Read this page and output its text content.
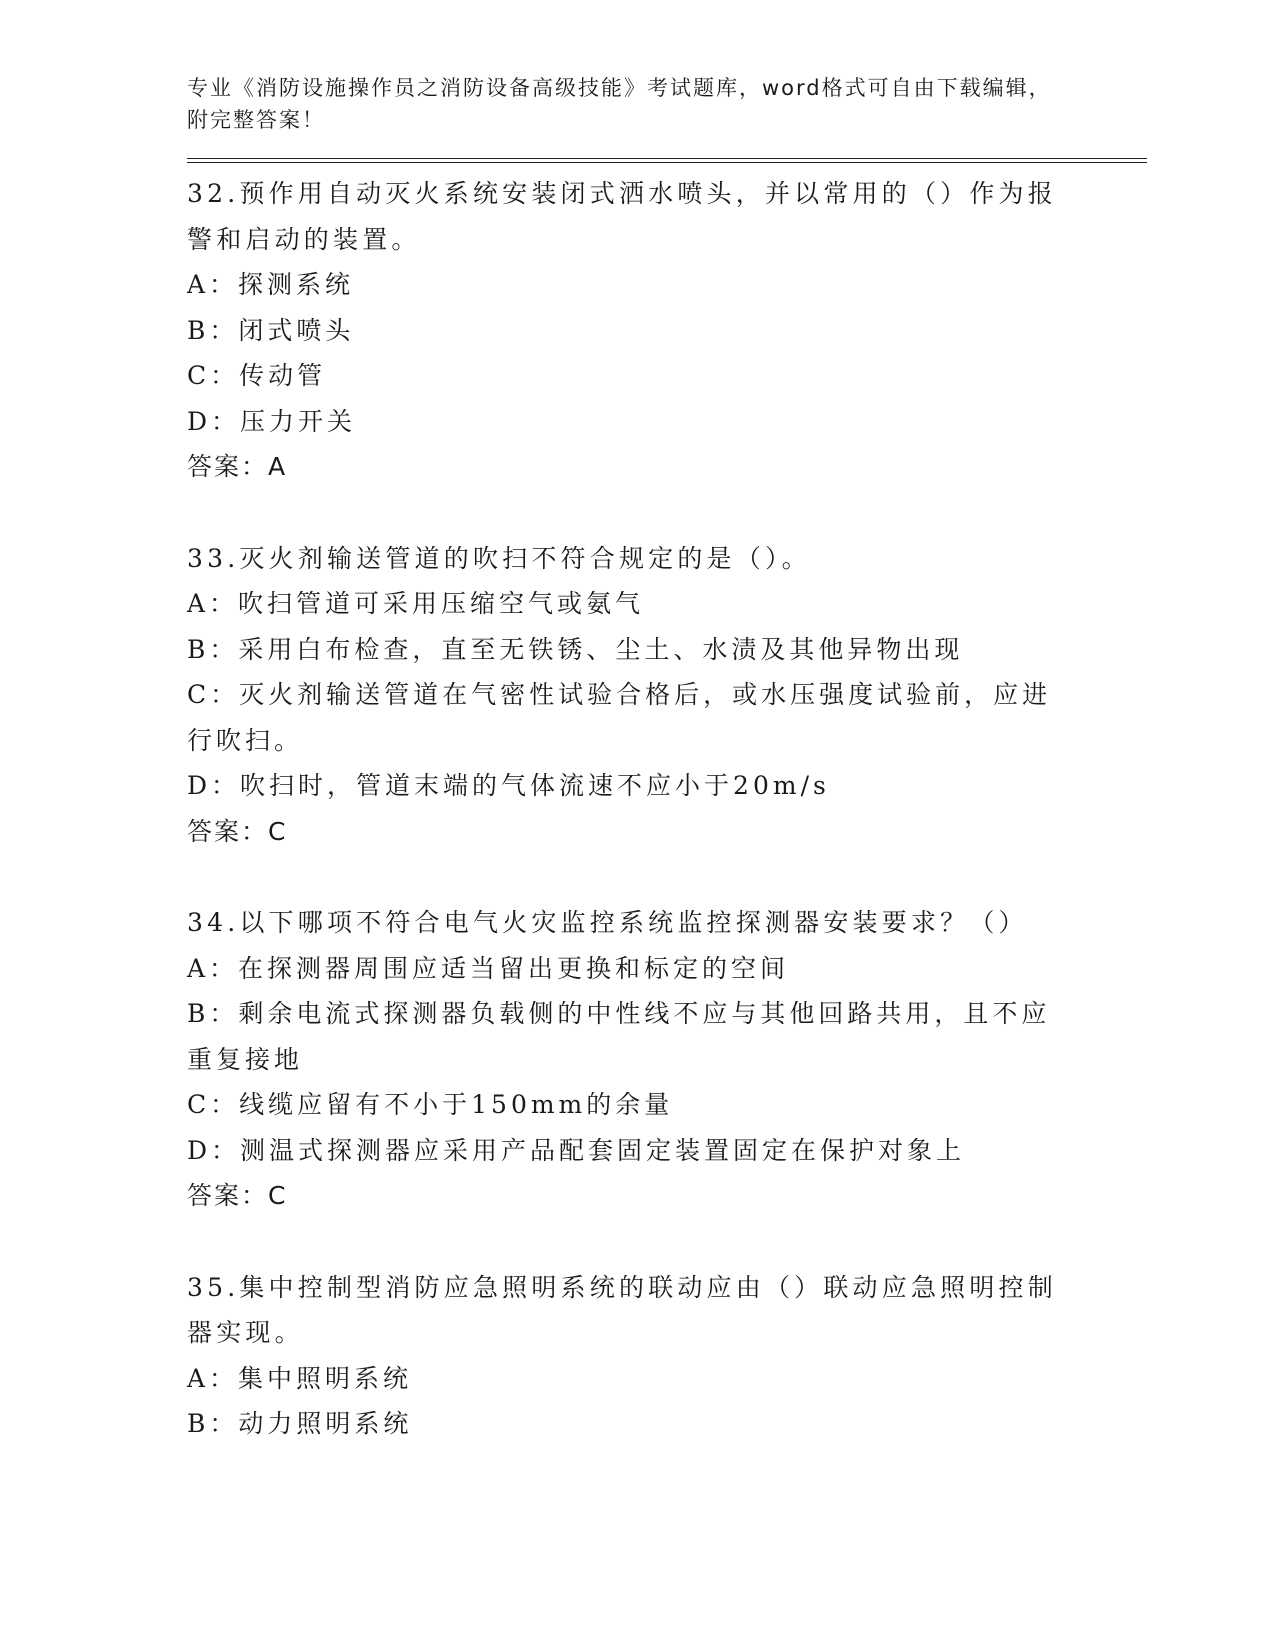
专业《消防设施操作员之消防设备高级技能》考试题库，word格式可自由下载编辑，附完整答案！
32.预作用自动灭火系统安装闭式洒水喷头，并以常用的（）作为报警和启动的装置。
A：探测系统
B：闭式喷头
C：传动管
D：压力开关
答案：A
33.灭火剂输送管道的吹扫不符合规定的是（）。
A：吹扫管道可采用压缩空气或氨气
B：采用白布检查，直至无铁锈、尘土、水渍及其他异物出现
C：灭火剂输送管道在气密性试验合格后，或水压强度试验前，应进行吹扫。
D：吹扫时，管道末端的气体流速不应小于20m/s
答案：C
34.以下哪项不符合电气火灾监控系统监控探测器安装要求？（）
A：在探测器周围应适当留出更换和标定的空间
B：剩余电流式探测器负载侧的中性线不应与其他回路共用，且不应重复接地
C：线缆应留有不小于150mm的余量
D：测温式探测器应采用产品配套固定装置固定在保护对象上
答案：C
35.集中控制型消防应急照明系统的联动应由（）联动应急照明控制器实现。
A：集中照明系统
B：动力照明系统
